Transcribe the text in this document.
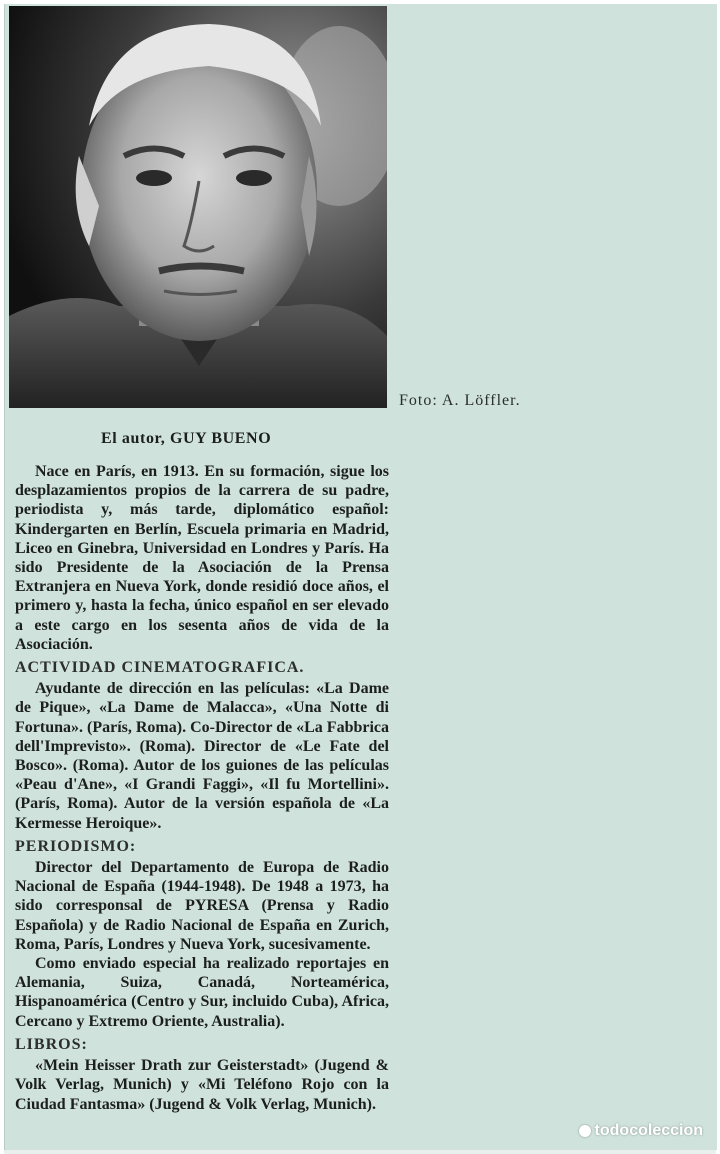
Foto: A. Löffler.
El autor, GUY BUENO

Nace en París, en 1913. En su formación, sigue los desplazamientos propios de la carrera de su padre, periodista y, más tarde, diplomático español: Kindergarten en Berlín, Escuela primaria en Madrid, Liceo en Ginebra, Universidad en Londres y París. Ha sido Presidente de la Asociación de la Prensa Extranjera en Nueva York, donde residió doce años, el primero y, hasta la fecha, único español en ser elevado a este cargo en los sesenta años de vida de la Asociación.

ACTIVIDAD CINEMATOGRAFICA.

Ayudante de dirección en las películas: «La Dame de Pique», «La Dame de Malacca», «Una Notte di Fortuna». (París, Roma). Co-Director de «La Fabbrica dell'Imprevisto». (Roma). Director de «Le Fate del Bosco». (Roma). Autor de los guiones de las películas «Peau d'Ane», «I Grandi Faggi», «Il fu Mortellini». (París, Roma). Autor de la versión española de «La Kermesse Heroique».

PERIODISMO:

Director del Departamento de Europa de Radio Nacional de España (1944-1948). De 1948 a 1973, ha sido corresponsal de PYRESA (Prensa y Radio Española) y de Radio Nacional de España en Zurich, Roma, París, Londres y Nueva York, sucesivamente.

Como enviado especial ha realizado reportajes en Alemania, Suiza, Canadá, Norteamérica, Hispanoamérica (Centro y Sur, incluido Cuba), Africa, Cercano y Extremo Oriente, Australia).

LIBROS:

«Mein Heisser Drath zur Geisterstadt» (Jugend & Volk Verlag, Munich) y «Mi Teléfono Rojo con la Ciudad Fantasma» (Jugend & Volk Verlag, Munich).

todocoleccion
